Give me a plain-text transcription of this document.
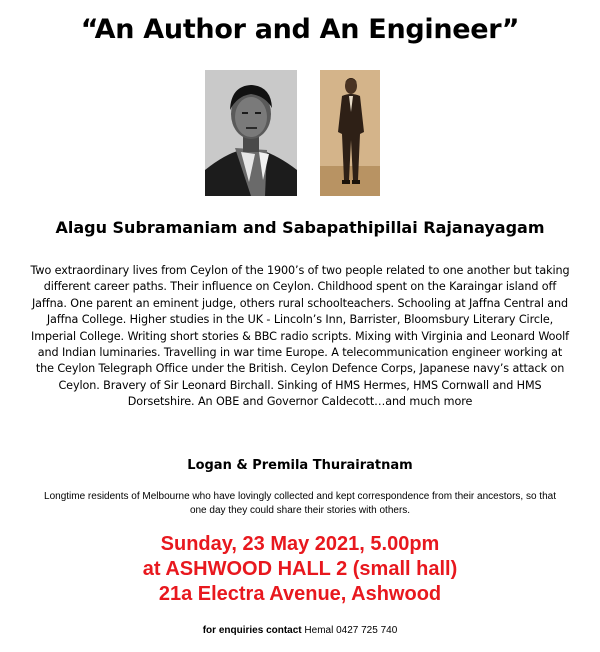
“An Author and An Engineer”
Alagu Subramaniam and Sabapathipillai Rajanayagam
Two extraordinary lives from Ceylon of the 1900’s of two people related to one another but taking different career paths. Their influence on Ceylon. Childhood spent on the Karaingar island off Jaffna. One parent an eminent judge, others rural schoolteachers. Schooling at Jaffna Central and Jaffna College. Higher studies in the UK - Lincoln’s Inn, Barrister, Bloomsbury Literary Circle, Imperial College. Writing short stories & BBC radio scripts. Mixing with Virginia and Leonard Woolf and Indian luminaries. Travelling in war time Europe. A telecommunication engineer working at the Ceylon Telegraph Office under the British. Ceylon Defence Corps, Japanese navy’s attack on Ceylon. Bravery of Sir Leonard Birchall. Sinking of HMS Hermes, HMS Cornwall and HMS Dorsetshire. An OBE and Governor Caldecott…and much more
Logan & Premila Thurairatnam
Longtime residents of Melbourne who have lovingly collected and kept correspondence from their ancestors, so that one day they could share their stories with others.
Sunday, 23 May 2021, 5.00pm
at ASHWOOD HALL 2 (small hall)
21a Electra Avenue, Ashwood
for enquiries contact Hemal 0427 725 740
